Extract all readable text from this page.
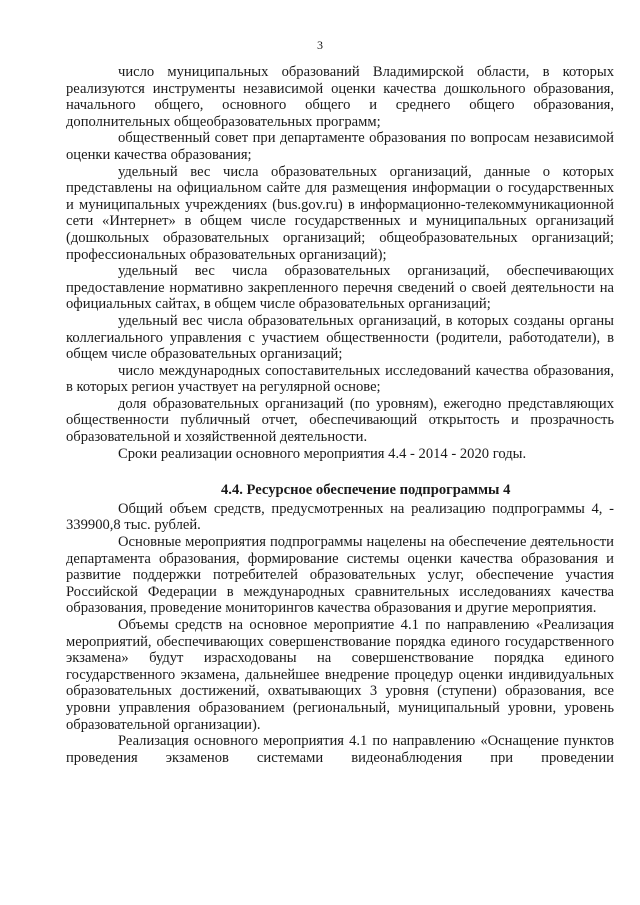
3

число муниципальных образований Владимирской области, в которых реализуются инструменты независимой оценки качества дошкольного образования, начального общего, основного общего и среднего общего образования, дополнительных общеобразовательных программ;

общественный совет при департаменте образования по вопросам независимой оценки качества образования;

удельный вес числа образовательных организаций, данные о которых представлены на официальном сайте для размещения информации о государственных и муниципальных учреждениях (bus.gov.ru) в информационно-телекоммуникационной сети «Интернет» в общем числе государственных и муниципальных организаций (дошкольных образовательных организаций; общеобразовательных организаций; профессиональных образовательных организаций);

удельный вес числа образовательных организаций, обеспечивающих предоставление нормативно закрепленного перечня сведений о своей деятельности на официальных сайтах, в общем числе образовательных организаций;

удельный вес числа образовательных организаций, в которых созданы органы коллегиального управления с участием общественности (родители, работодатели), в общем числе образовательных организаций;

число международных сопоставительных исследований качества образования, в которых регион участвует на регулярной основе;

доля образовательных организаций (по уровням), ежегодно представляющих общественности публичный отчет, обеспечивающий открытость и прозрачность образовательной и хозяйственной деятельности.

Сроки реализации основного мероприятия 4.4 - 2014 - 2020 годы.

4.4. Ресурсное обеспечение подпрограммы 4

Общий объем средств, предусмотренных на реализацию подпрограммы 4, - 339900,8 тыс. рублей.

Основные мероприятия подпрограммы нацелены на обеспечение деятельности департамента образования, формирование системы оценки качества образования и развитие поддержки потребителей образовательных услуг, обеспечение участия Российской Федерации в международных сравнительных исследованиях качества образования, проведение мониторингов качества образования и другие мероприятия.

Объемы средств на основное мероприятие 4.1 по направлению «Реализация мероприятий, обеспечивающих совершенствование порядка единого государственного экзамена» будут израсходованы на совершенствование порядка единого государственного экзамена, дальнейшее внедрение процедур оценки индивидуальных образовательных достижений, охватывающих 3 уровня (ступени) образования, все уровни управления образованием (региональный, муниципальный уровни, уровень образовательной организации).

Реализация основного мероприятия 4.1 по направлению «Оснащение пунктов проведения экзаменов системами видеонаблюдения при проведении
